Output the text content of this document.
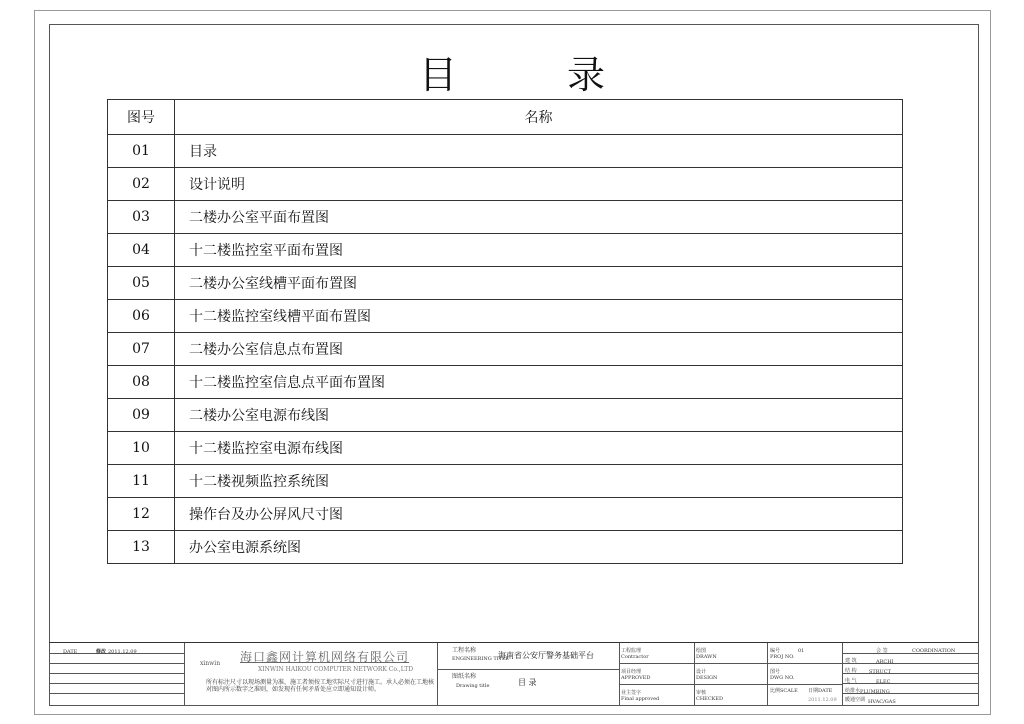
目录
图号	名称
01	目录
02	设计说明
03	二楼办公室平面布置图
04	十二楼监控室平面布置图
05	二楼办公室线槽平面布置图
06	十二楼监控室线槽平面布置图
07	二楼办公室信息点布置图
08	十二楼监控室信息点平面布置图
09	二楼办公室电源布线图
10	十二楼监控室电源布线图
11	十二楼视频监控系统图
12	操作台及办公屏风尺寸图
13	办公室电源系统图
DATE	修改 2011.12.09
xinwin 海口鑫网计算机网络有限公司
XINWIN HAIKOU COMPUTER NETWORK Co.,LTD
所有标注尺寸以现场测量为准，施工者须按工地实际尺寸进行施工。承人必须在工地核对图内所示数字之准则，如发现有任何矛盾处应立即通知设计师。
工程名称
ENGINEERING TITLE
海南省公安厅警务基础平台
图纸名称
Drawing title	目 录
工程监理
Contractor
项目经理
APPROVED
业主签字
Final approved
绘图
DRAWN
设计
DESIGN
审核
CHECKED
编号
PROJ NO.
01
图号
DWG NO.
比例 SCALE 日期 DATE
2011.12.09
会 签	COORDINATION
建 筑	ARCHI
结 构 STRUCT
电 气	ELEC
给排水 PLUMBING
暖通空调 HVAC/GAS
